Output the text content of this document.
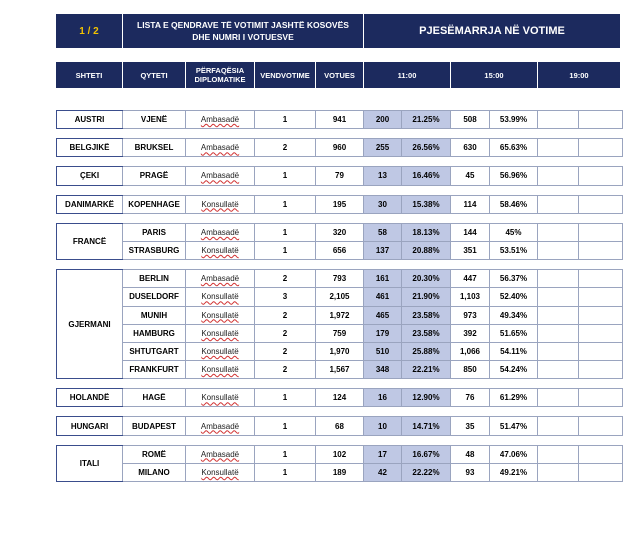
1 / 2
LISTA E QENDRAVE TË VOTIMIT JASHTË KOSOVËS
DHE NUMRI I VOTUESVE	PJESËMARRJA NË VOTIME
SHTETI	QYTETI	PËRFAQËSIA
DIPLOMATIKE	VENDVOTIME	VOTUES	11:00	15:00	19:00

AUSTRI	VJENË	Ambasadë	1	941	200	21.25%	508	53.99%		

BELGJIKË	BRUKSEL	Ambasadë	2	960	255	26.56%	630	65.63%		

ÇEKI	PRAGË	Ambasadë	1	79	13	16.46%	45	56.96%		

DANIMARKË	KOPENHAGE	Konsullatë	1	195	30	15.38%	114	58.46%		

FRANCË	PARIS	Ambasadë	1	320	58	18.13%	144	45%		
	STRASBURG	Konsullatë	1	656	137	20.88%	351	53.51%		

GJERMANI	BERLIN	Ambasadë	2	793	161	20.30%	447	56.37%		
	DUSELDORF	Konsullatë	3	2,105	461	21.90%	1,103	52.40%		
	MUNIH	Konsullatë	2	1,972	465	23.58%	973	49.34%		
	HAMBURG	Konsullatë	2	759	179	23.58%	392	51.65%		
	SHTUTGART	Konsullatë	2	1,970	510	25.88%	1,066	54.11%		
	FRANKFURT	Konsullatë	2	1,567	348	22.21%	850	54.24%		

HOLANDË	HAGË	Konsullatë	1	124	16	12.90%	76	61.29%		

HUNGARI	BUDAPEST	Ambasadë	1	68	10	14.71%	35	51.47%		

ITALI	ROMË	Ambasadë	1	102	17	16.67%	48	47.06%		
	MILANO	Konsullatë	1	189	42	22.22%	93	49.21%		
